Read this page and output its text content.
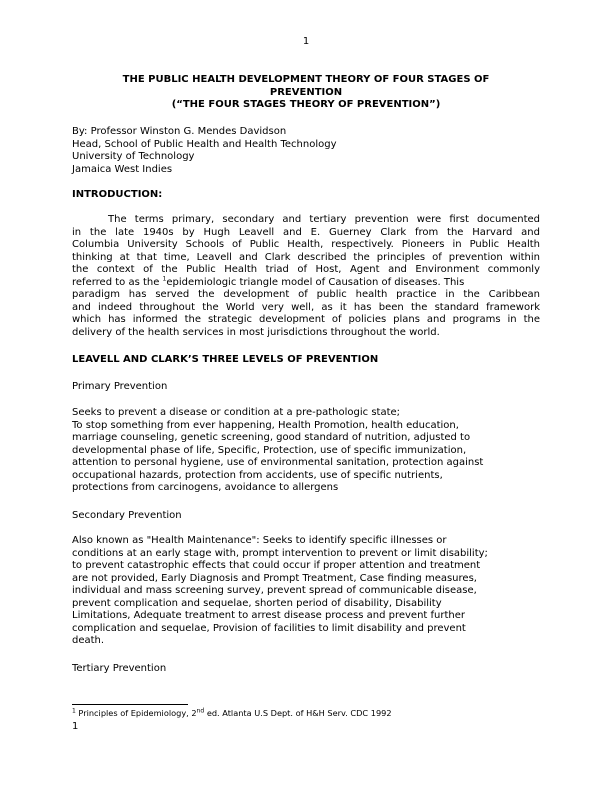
1
THE PUBLIC HEALTH DEVELOPMENT THEORY OF FOUR STAGES OF
PREVENTION
(“THE FOUR STAGES THEORY OF PREVENTION”)
By: Professor Winston G. Mendes Davidson
Head, School of Public Health and Health Technology
University of Technology
Jamaica West Indies
INTRODUCTION:
The terms primary, secondary and tertiary prevention were first documented
in the late 1940s by Hugh Leavell and E. Guerney Clark from the Harvard and
Columbia University Schools of Public Health, respectively. Pioneers in Public Health
thinking at that time, Leavell and Clark described the principles of prevention within
the context of the Public Health triad of Host, Agent and Environment commonly
referred to as the $^1$epidemiologic triangle model of Causation of diseases. This
paradigm has served the development of public health practice in the Caribbean
and indeed throughout the World very well, as it has been the standard framework
which has informed the strategic development of policies plans and programs in the
delivery of the health services in most jurisdictions throughout the world.
LEAVELL AND CLARK’S THREE LEVELS OF PREVENTION
Primary Prevention
Seeks to prevent a disease or condition at a pre-pathologic state;
To stop something from ever happening, Health Promotion, health education,
marriage counseling, genetic screening, good standard of nutrition, adjusted to
developmental phase of life, Specific, Protection, use of specific immunization,
attention to personal hygiene, use of environmental sanitation, protection against
occupational hazards, protection from accidents, use of specific nutrients,
protections from carcinogens, avoidance to allergens
Secondary Prevention
Also known as "Health Maintenance": Seeks to identify specific illnesses or
conditions at an early stage with, prompt intervention to prevent or limit disability;
to prevent catastrophic effects that could occur if proper attention and treatment
are not provided, Early Diagnosis and Prompt Treatment, Case finding measures,
individual and mass screening survey, prevent spread of communicable disease,
prevent complication and sequelae, shorten period of disability, Disability
Limitations, Adequate treatment to arrest disease process and prevent further
complication and sequelae, Provision of facilities to limit disability and prevent
death.
Tertiary Prevention
$^1$ Principles of Epidemiology, 2nd ed. Atlanta U.S Dept. of H&H Serv. CDC 1992
1
